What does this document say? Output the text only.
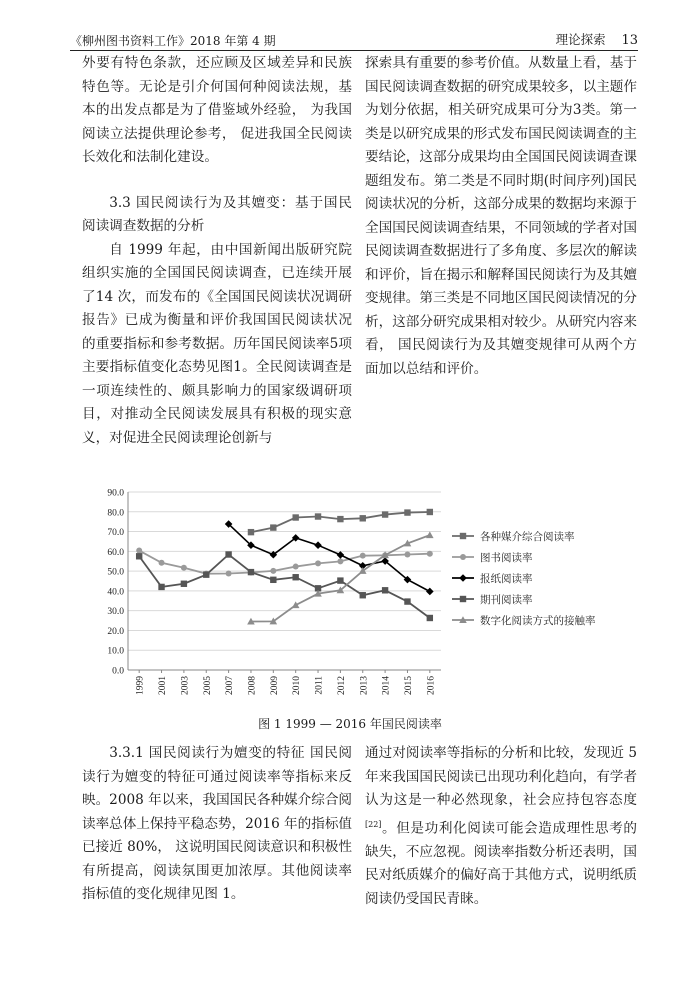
《柳州图书资料工作》2018 年第 4 期	理论探索 13

外要有特色条款，还应顾及区域差异和民族特色等。无论是引介何国何种阅读法规，基本的出发点都是为了借鉴域外经验， 为我国阅读立法提供理论参考， 促进我国全民阅读长效化和法制化建设。

3.3 国民阅读行为及其嬗变：基于国民阅读调查数据的分析

自 1999 年起，由中国新闻出版研究院组织实施的全国国民阅读调查，已连续开展了14 次，而发布的《全国国民阅读状况调研报告》已成为衡量和评价我国国民阅读状况的重要指标和参考数据。历年国民阅读率5项主要指标值变化态势见图1。全民阅读调查是一项连续性的、颇具影响力的国家级调研项目，对推动全民阅读发展具有积极的现实意义，对促进全民阅读理论创新与

探索具有重要的参考价值。从数量上看，基于国民阅读调查数据的研究成果较多，以主题作为划分依据，相关研究成果可分为3类。第一类是以研究成果的形式发布国民阅读调查的主要结论，这部分成果均由全国国民阅读调查课题组发布。第二类是不同时期(时间序列)国民阅读状况的分析，这部分成果的数据均来源于全国国民阅读调查结果，不同领域的学者对国民阅读调查数据进行了多角度、多层次的解读和评价，旨在揭示和解释国民阅读行为及其嬗变规律。第三类是不同地区国民阅读情况的分析，这部分研究成果相对较少。从研究内容来看， 国民阅读行为及其嬗变规律可从两个方面加以总结和评价。

0.0
10.0
20.0
30.0
40.0
50.0
60.0
70.0
80.0
90.0
1999 2001 2003 2005 2007 2008 2009 2010 2011 2012 2013 2014 2015 2016
各种媒介综合阅读率
图书阅读率
报纸阅读率
期刊阅读率
数字化阅读方式的接触率
图 1 1999 — 2016 年国民阅读率

3.3.1 国民阅读行为嬗变的特征 国民阅读行为嬗变的特征可通过阅读率等指标来反映。2008 年以来，我国国民各种媒介综合阅读率总体上保持平稳态势，2016 年的指标值已接近 80%， 这说明国民阅读意识和积极性有所提高，阅读氛围更加浓厚。其他阅读率指标值的变化规律见图 1。

通过对阅读率等指标的分析和比较，发现近 5 年来我国国民阅读已出现功利化趋向，有学者认为这是一种必然现象，社会应持包容态度[22]。但是功利化阅读可能会造成理性思考的缺失，不应忽视。阅读率指数分析还表明，国民对纸质媒介的偏好高于其他方式，说明纸质阅读仍受国民青睐。
